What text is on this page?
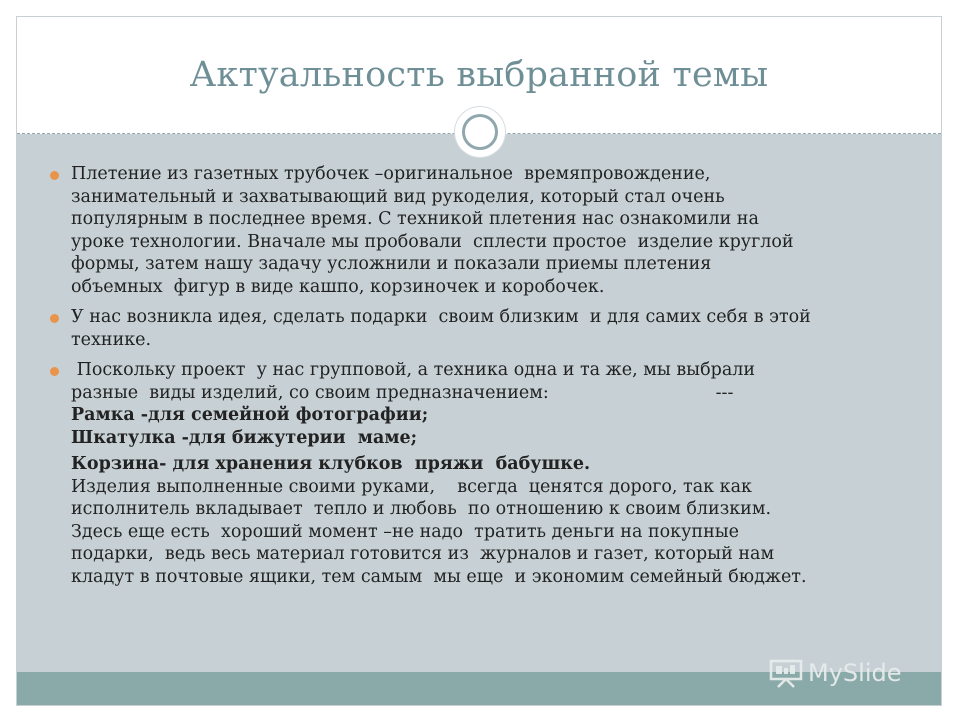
Актуальность выбранной темы
Плетение из газетных трубочек –оригинальное  времяпровождение,
занимательный и захватывающий вид рукоделия, который стал очень
популярным в последнее время. С техникой плетения нас ознакомили на
уроке технологии. Вначале мы пробовали  сплести простое  изделие круглой
формы, затем нашу задачу усложнили и показали приемы плетения
объемных  фигур в виде кашпо, корзиночек и коробочек.
У нас возникла идея, сделать подарки  своим близким  и для самих себя в этой
технике.
Поскольку проект  у нас групповой, а техника одна и та же, мы выбрали
разные  виды изделий, со своим предназначением:                              ---
Рамка -для семейной фотографии;
Шкатулка -для бижутерии  маме;
Корзина- для хранения клубков  пряжи  бабушке.
Изделия выполненные своими руками,    всегда  ценятся дорого, так как
исполнитель вкладывает  тепло и любовь  по отношению к своим близким.
Здесь еще есть  хороший момент –не надо  тратить деньги на покупные
подарки,  ведь весь материал готовится из  журналов и газет, который нам
кладут в почтовые ящики, тем самым  мы еще  и экономим семейный бюджет.
MySlide
